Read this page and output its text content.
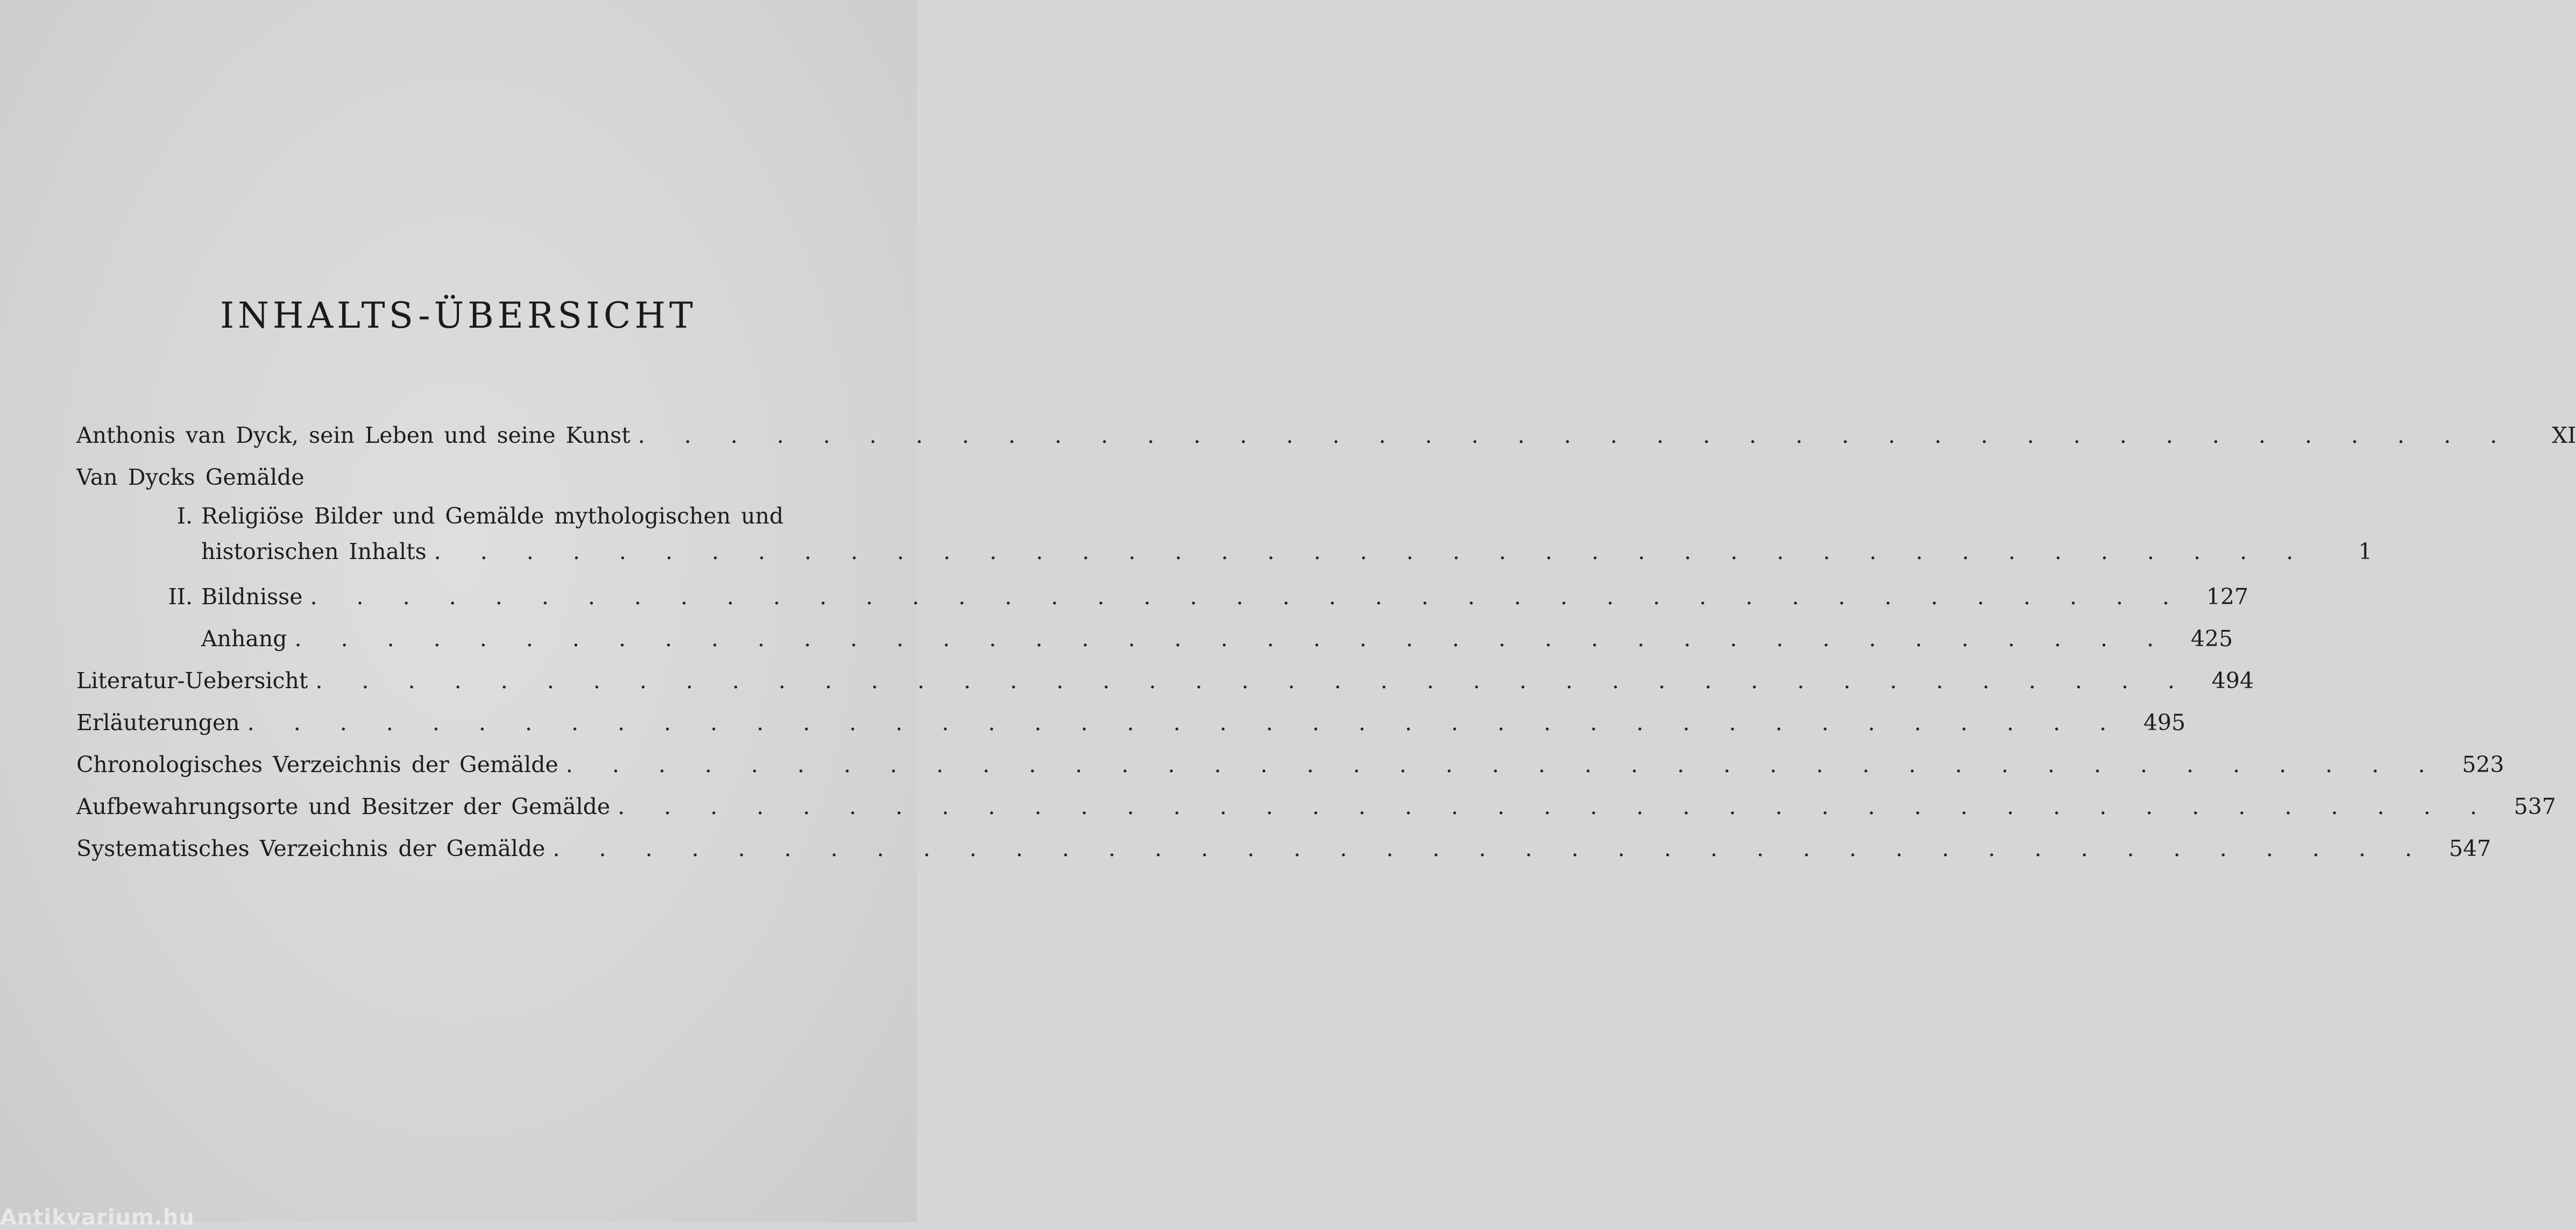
INHALTS-ÜBERSICHT
Anthonis van Dyck, sein Leben und seine Kunst . . . . . . . . . . . . . . . . . . . . . . . . . . . . . . . . . . . . . . . . .	XI
Van Dycks Gemälde
I. Religiöse Bilder und Gemälde mythologischen und
historischen Inhalts . . . . . . . . . . . . . . . . . . . . . . . . . . . . . . . . . . . . . . . . .	1
II. Bildnisse . . . . . . . . . . . . . . . . . . . . . . . . . . . . . . . . . . . . . . . . . 127
Anhang . . . . . . . . . . . . . . . . . . . . . . . . . . . . . . . . . . . . . . . . . 425
Literatur-Uebersicht . . . . . . . . . . . . . . . . . . . . . . . . . . . . . . . . . . . . . . . . . 494
Erläuterungen . . . . . . . . . . . . . . . . . . . . . . . . . . . . . . . . . . . . . . . . . 495
Chronologisches Verzeichnis der Gemälde . . . . . . . . . . . . . . . . . . . . . . . . . . . . . . . . . . . . . . . . . 523
Aufbewahrungsorte und Besitzer der Gemälde . . . . . . . . . . . . . . . . . . . . . . . . . . . . . . . . . . . . . . . . . 537
Systematisches Verzeichnis der Gemälde . . . . . . . . . . . . . . . . . . . . . . . . . . . . . . . . . . . . . . . . . 547
Antikvarium.hu
